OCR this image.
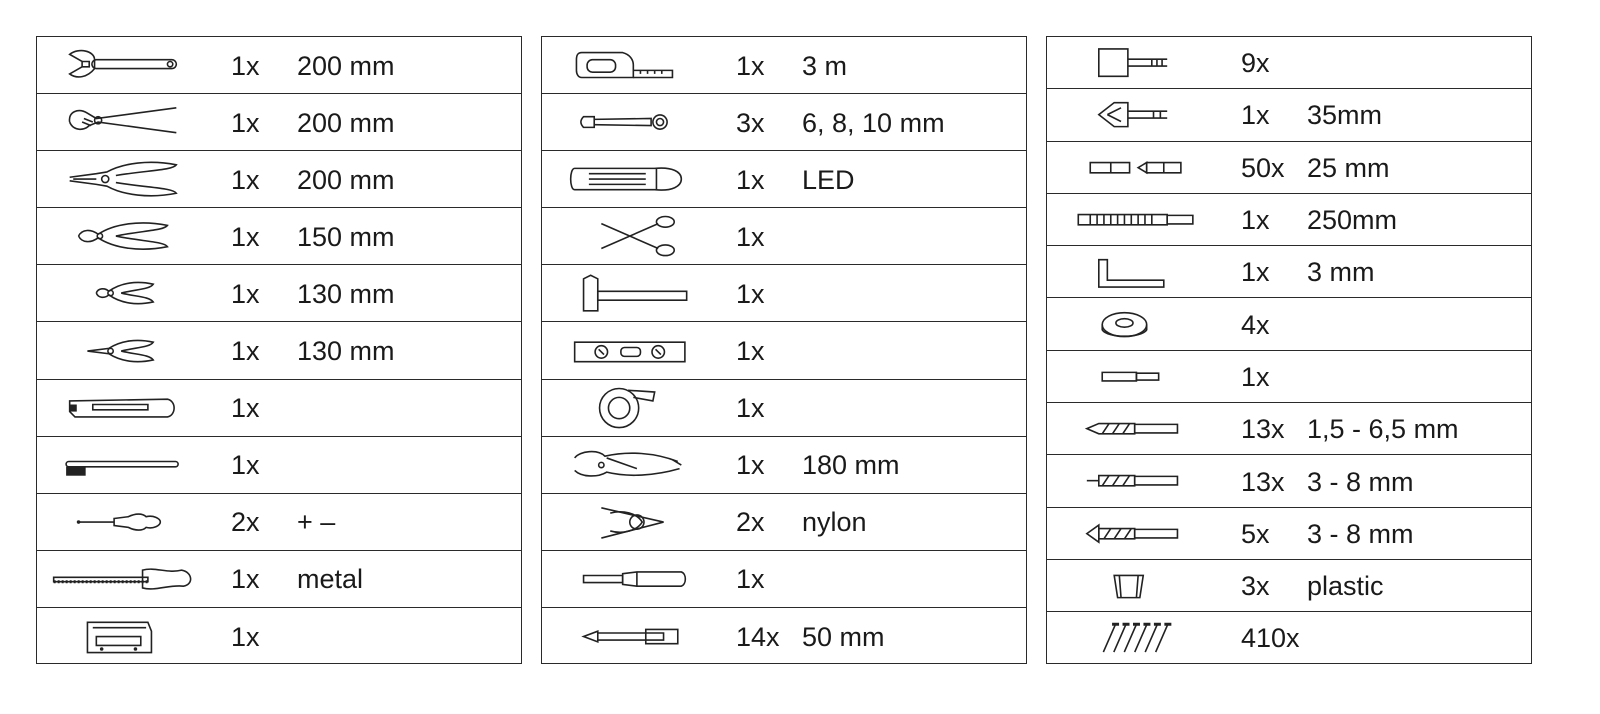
1x 200 mm
1x 200 mm
1x 200 mm
1x 150 mm
1x 130 mm
1x 130 mm
1x
1x
2x + –
1x metal
1x
1x 3 m
3x 6, 8, 10 mm
1x LED
1x
1x
1x
1x
1x 180 mm
2x nylon
1x
14x 50 mm
9x
1x 35mm
50x 25 mm
1x 250mm
1x 3 mm
4x
1x
13x 1,5 - 6,5 mm
13x 3 - 8 mm
5x 3 - 8 mm
3x plastic
410x
